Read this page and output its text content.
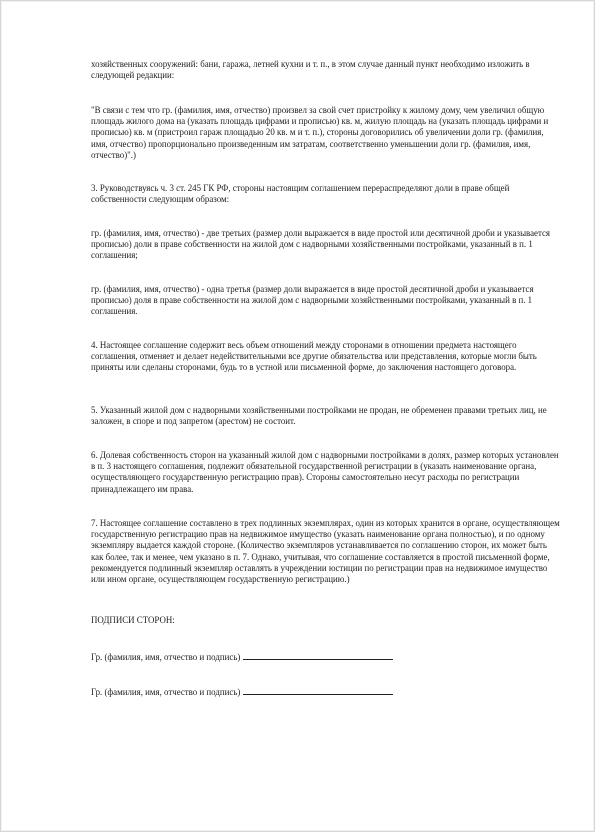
хозяйственных сооружений: бани, гаража, летней кухни и т. п., в этом случае данный пункт необходимо изложить в следующей редакции:

"В связи с тем что гр. (фамилия, имя, отчество) произвел за свой счет пристройку к жилому дому, чем увеличил общую площадь жилого дома на (указать площадь цифрами и прописью) кв. м, жилую площадь на (указать площадь цифрами и прописью) кв. м (пристроил гараж площадью 20 кв. м и т. п.), стороны договорились об увеличении доли гр. (фамилия, имя, отчество) пропорционально произведенным им затратам, соответственно уменьшении доли гр. (фамилия, имя, отчество)".)

3. Руководствуясь ч. 3 ст. 245 ГК РФ, стороны настоящим соглашением перераспределяют доли в праве общей собственности следующим образом:

гр. (фамилия, имя, отчество) - две третьих (размер доли выражается в виде простой или десятичной дроби и указывается прописью) доли в праве собственности на жилой дом с надворными хозяйственными постройками, указанный в п. 1 соглашения;

гр. (фамилия, имя, отчество) - одна третья (размер доли выражается в виде простой десятичной дроби и указывается прописью) доля в праве собственности на жилой дом с надворными хозяйственными постройками, указанный в п. 1 соглашения.

4. Настоящее соглашение содержит весь объем отношений между сторонами в отношении предмета настоящего соглашения, отменяет и делает недействительными все другие обязательства или представления, которые могли быть приняты или сделаны сторонами, будь то в устной или письменной форме, до заключения настоящего договора.

5. Указанный жилой дом с надворными хозяйственными постройками не продан, не обременен правами третьих лиц, не заложен, в споре и под запретом (арестом) не состоит.

6. Долевая собственность сторон на указанный жилой дом с надворными постройками в долях, размер которых установлен в п. 3 настоящего соглашения, подлежит обязательной государственной регистрации в (указать наименование органа, осуществляющего государственную регистрацию прав). Стороны самостоятельно несут расходы по регистрации принадлежащего им права.

7. Настоящее соглашение составлено в трех подлинных экземплярах, один из которых хранится в органе, осуществляющем государственную регистрацию прав на недвижимое имущество (указать наименование органа полностью), и по одному экземпляру выдается каждой стороне. (Количество экземпляров устанавливается по соглашению сторон, их может быть как более, так и менее, чем указано в п. 7. Однако, учитывая, что соглашение составляется в простой письменной форме, рекомендуется подлинный экземпляр оставлять в учреждении юстиции по регистрации прав на недвижимое имущество или ином органе, осуществляющем государственную регистрацию.)

ПОДПИСИ СТОРОН:

Гр. (фамилия, имя, отчество и подпись)
Гр. (фамилия, имя, отчество и подпись)
